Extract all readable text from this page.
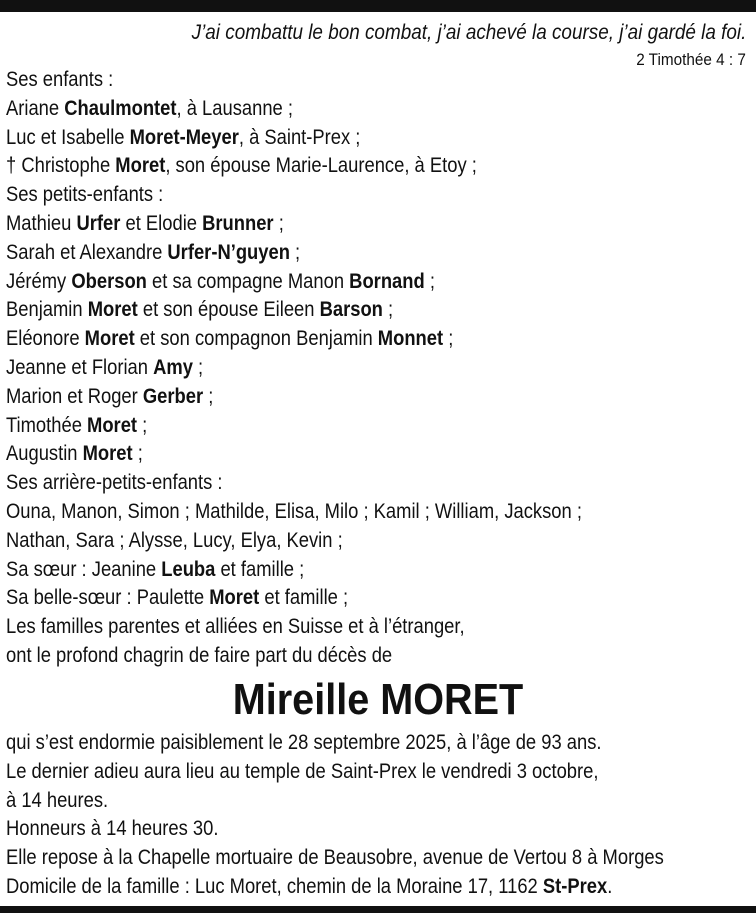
J’ai combattu le bon combat, j’ai achevé la course, j’ai gardé la foi.
2 Timothée 4 : 7
Ses enfants :
Ariane Chaulmontet, à Lausanne ;
Luc et Isabelle Moret-Meyer, à Saint-Prex ;
† Christophe Moret, son épouse Marie-Laurence, à Etoy ;
Ses petits-enfants :
Mathieu Urfer et Elodie Brunner ;
Sarah et Alexandre Urfer-N’guyen ;
Jérémy Oberson et sa compagne Manon Bornand ;
Benjamin Moret et son épouse Eileen Barson ;
Eléonore Moret et son compagnon Benjamin Monnet ;
Jeanne et Florian Amy ;
Marion et Roger Gerber ;
Timothée Moret ;
Augustin Moret ;
Ses arrière-petits-enfants :
Ouna, Manon, Simon ; Mathilde, Elisa, Milo ; Kamil ; William, Jackson ;
Nathan, Sara ; Alysse, Lucy, Elya, Kevin ;
Sa sœur : Jeanine Leuba et famille ;
Sa belle-sœur : Paulette Moret et famille ;
Les familles parentes et alliées en Suisse et à l’étranger,
ont le profond chagrin de faire part du décès de
Mireille MORET
qui s’est endormie paisiblement le 28 septembre 2025, à l’âge de 93 ans.
Le dernier adieu aura lieu au temple de Saint-Prex le vendredi 3 octobre,
à 14 heures.
Honneurs à 14 heures 30.
Elle repose à la Chapelle mortuaire de Beausobre, avenue de Vertou 8 à Morges
Domicile de la famille : Luc Moret, chemin de la Moraine 17, 1162 St-Prex.
